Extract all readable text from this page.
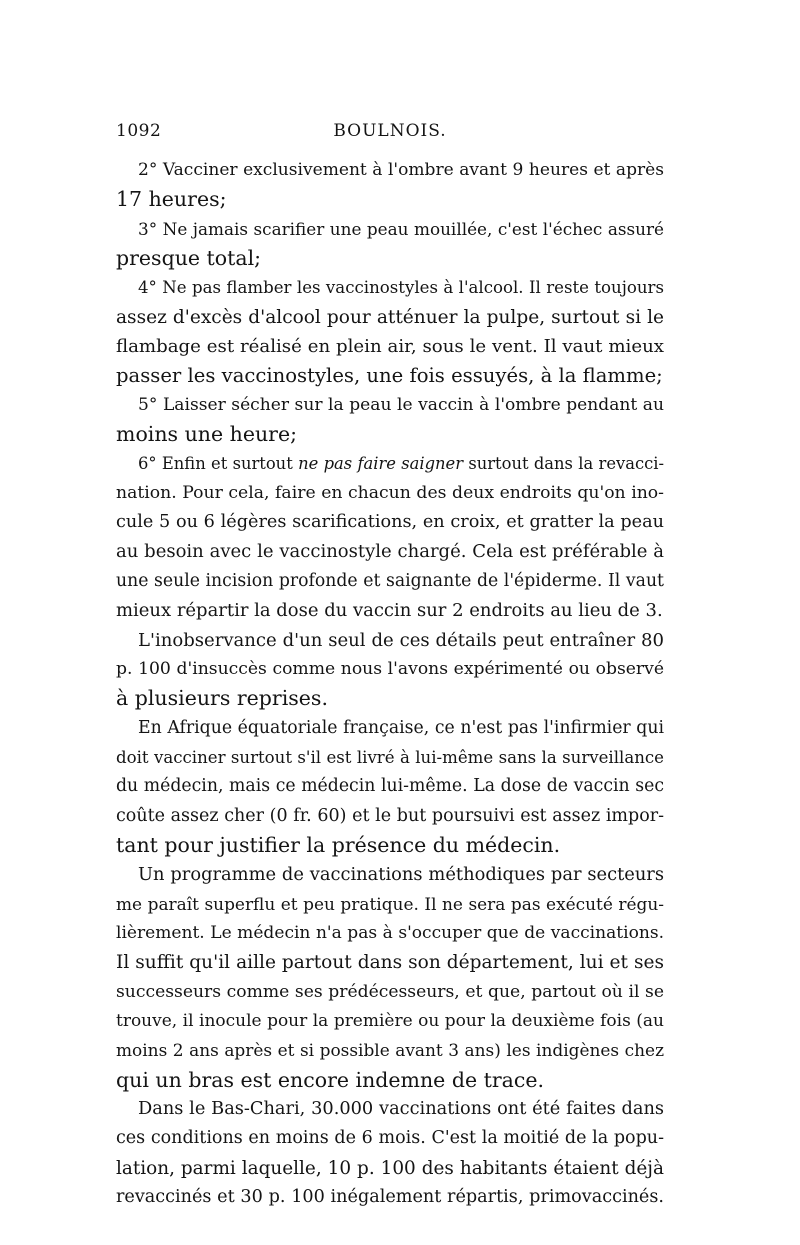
1092	BOULNOIS.
2° Vacciner exclusivement à l'ombre avant 9 heures et après
17 heures;
3° Ne jamais scarifier une peau mouillée, c'est l'échec assuré
presque total;
4° Ne pas flamber les vaccinostyles à l'alcool. Il reste toujours
assez d'excès d'alcool pour atténuer la pulpe, surtout si le
flambage est réalisé en plein air, sous le vent. Il vaut mieux
passer les vaccinostyles, une fois essuyés, à la flamme;
5° Laisser sécher sur la peau le vaccin à l'ombre pendant au
moins une heure;
6° Enfin et surtout ne pas faire saigner surtout dans la revacci-
nation. Pour cela, faire en chacun des deux endroits qu'on ino-
cule 5 ou 6 légères scarifications, en croix, et gratter la peau
au besoin avec le vaccinostyle chargé. Cela est préférable à
une seule incision profonde et saignante de l'épiderme. Il vaut
mieux répartir la dose du vaccin sur 2 endroits au lieu de 3.
L'inobservance d'un seul de ces détails peut entraîner 80
p. 100 d'insuccès comme nous l'avons expérimenté ou observé
à plusieurs reprises.
En Afrique équatoriale française, ce n'est pas l'infirmier qui
doit vacciner surtout s'il est livré à lui-même sans la surveillance
du médecin, mais ce médecin lui-même. La dose de vaccin sec
coûte assez cher (0 fr. 60) et le but poursuivi est assez impor-
tant pour justifier la présence du médecin.
Un programme de vaccinations méthodiques par secteurs
me paraît superflu et peu pratique. Il ne sera pas exécuté régu-
lièrement. Le médecin n'a pas à s'occuper que de vaccinations.
Il suffit qu'il aille partout dans son département, lui et ses
successeurs comme ses prédécesseurs, et que, partout où il se
trouve, il inocule pour la première ou pour la deuxième fois (au
moins 2 ans après et si possible avant 3 ans) les indigènes chez
qui un bras est encore indemne de trace.
Dans le Bas-Chari, 30.000 vaccinations ont été faites dans
ces conditions en moins de 6 mois. C'est la moitié de la popu-
lation, parmi laquelle, 10 p. 100 des habitants étaient déjà
revaccinés et 30 p. 100 inégalement répartis, primovaccinés.
